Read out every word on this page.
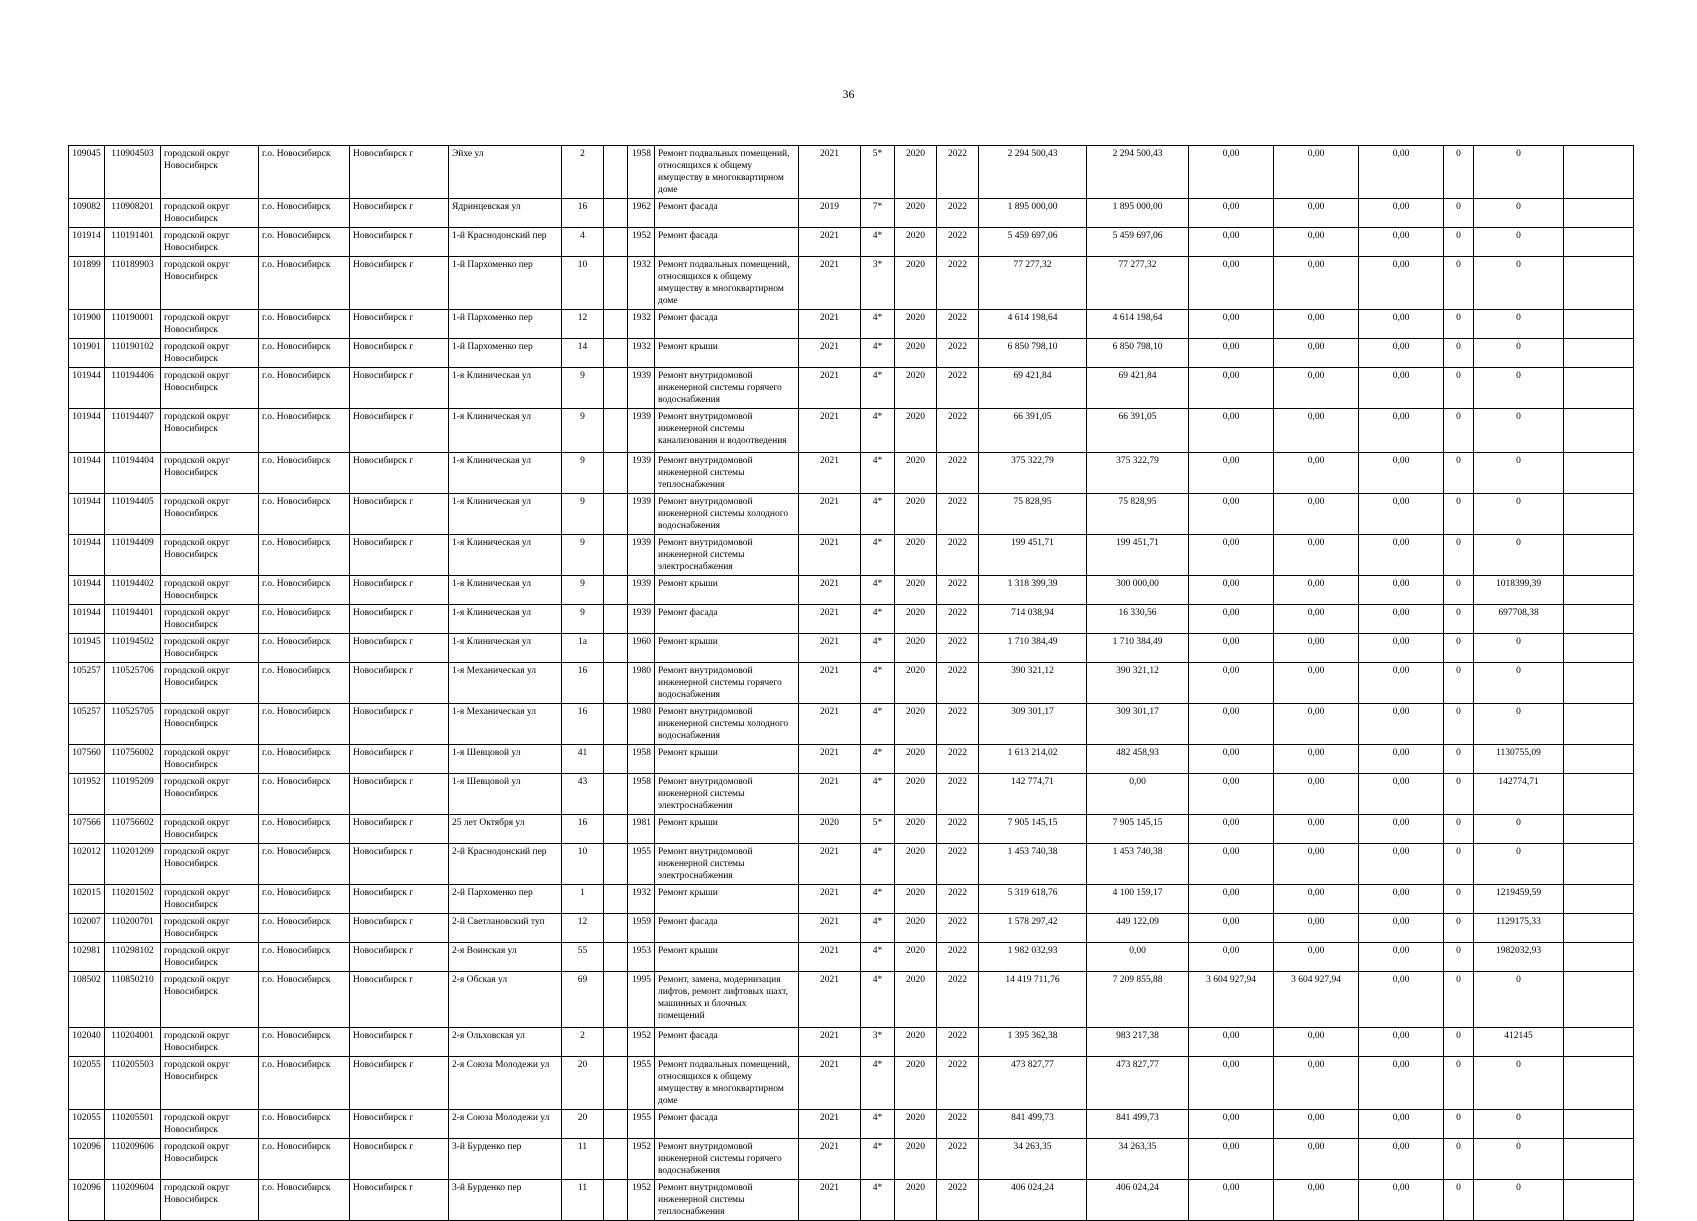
36
109045	110904503	городской округ Новосибирск	г.о. Новосибирск	Новосибирск г	Эйхе ул	2		1958	Ремонт подвальных помещений, относящихся к общему имуществу в многоквартирном доме	2021	5*	2020	2022	2 294 500,43	2 294 500,43	0,00	0,00	0,00	0	0	
109082	110908201	городской округ Новосибирск	г.о. Новосибирск	Новосибирск г	Ядринцевская ул	16		1962	Ремонт фасада	2019	7*	2020	2022	1 895 000,00	1 895 000,00	0,00	0,00	0,00	0	0	
101914	110191401	городской округ Новосибирск	г.о. Новосибирск	Новосибирск г	1-й Краснодонский пер	4		1952	Ремонт фасада	2021	4*	2020	2022	5 459 697,06	5 459 697,06	0,00	0,00	0,00	0	0	
101899	110189903	городской округ Новосибирск	г.о. Новосибирск	Новосибирск г	1-й Пархоменко пер	10		1932	Ремонт подвальных помещений, относящихся к общему имуществу в многоквартирном доме	2021	3*	2020	2022	77 277,32	77 277,32	0,00	0,00	0,00	0	0	
101900	110190001	городской округ Новосибирск	г.о. Новосибирск	Новосибирск г	1-й Пархоменко пер	12		1932	Ремонт фасада	2021	4*	2020	2022	4 614 198,64	4 614 198,64	0,00	0,00	0,00	0	0	
101901	110190102	городской округ Новосибирск	г.о. Новосибирск	Новосибирск г	1-й Пархоменко пер	14		1932	Ремонт крыши	2021	4*	2020	2022	6 850 798,10	6 850 798,10	0,00	0,00	0,00	0	0	
101944	110194406	городской округ Новосибирск	г.о. Новосибирск	Новосибирск г	1-я Клиническая ул	9		1939	Ремонт внутридомовой инженерной системы горячего водоснабжения	2021	4*	2020	2022	69 421,84	69 421,84	0,00	0,00	0,00	0	0	
101944	110194407	городской округ Новосибирск	г.о. Новосибирск	Новосибирск г	1-я Клиническая ул	9		1939	Ремонт внутридомовой инженерной системы канализования и водоотведения	2021	4*	2020	2022	66 391,05	66 391,05	0,00	0,00	0,00	0	0	
101944	110194404	городской округ Новосибирск	г.о. Новосибирск	Новосибирск г	1-я Клиническая ул	9		1939	Ремонт внутридомовой инженерной системы теплоснабжения	2021	4*	2020	2022	375 322,79	375 322,79	0,00	0,00	0,00	0	0	
101944	110194405	городской округ Новосибирск	г.о. Новосибирск	Новосибирск г	1-я Клиническая ул	9		1939	Ремонт внутридомовой инженерной системы холодного водоснабжения	2021	4*	2020	2022	75 828,95	75 828,95	0,00	0,00	0,00	0	0	
101944	110194409	городской округ Новосибирск	г.о. Новосибирск	Новосибирск г	1-я Клиническая ул	9		1939	Ремонт внутридомовой инженерной системы электроснабжения	2021	4*	2020	2022	199 451,71	199 451,71	0,00	0,00	0,00	0	0	
101944	110194402	городской округ Новосибирск	г.о. Новосибирск	Новосибирск г	1-я Клиническая ул	9		1939	Ремонт крыши	2021	4*	2020	2022	1 318 399,39	300 000,00	0,00	0,00	0,00	0	1018399,39	
101944	110194401	городской округ Новосибирск	г.о. Новосибирск	Новосибирск г	1-я Клиническая ул	9		1939	Ремонт фасада	2021	4*	2020	2022	714 038,94	16 330,56	0,00	0,00	0,00	0	697708,38	
101945	110194502	городской округ Новосибирск	г.о. Новосибирск	Новосибирск г	1-я Клиническая ул	1а		1960	Ремонт крыши	2021	4*	2020	2022	1 710 384,49	1 710 384,49	0,00	0,00	0,00	0	0	
105257	110525706	городской округ Новосибирск	г.о. Новосибирск	Новосибирск г	1-я Механическая ул	16		1980	Ремонт внутридомовой инженерной системы горячего водоснабжения	2021	4*	2020	2022	390 321,12	390 321,12	0,00	0,00	0,00	0	0	
105257	110525705	городской округ Новосибирск	г.о. Новосибирск	Новосибирск г	1-я Механическая ул	16		1980	Ремонт внутридомовой инженерной системы холодного водоснабжения	2021	4*	2020	2022	309 301,17	309 301,17	0,00	0,00	0,00	0	0	
107560	110756002	городской округ Новосибирск	г.о. Новосибирск	Новосибирск г	1-я Шевцовой ул	41		1958	Ремонт крыши	2021	4*	2020	2022	1 613 214,02	482 458,93	0,00	0,00	0,00	0	1130755,09	
101952	110195209	городской округ Новосибирск	г.о. Новосибирск	Новосибирск г	1-я Шевцовой ул	43		1958	Ремонт внутридомовой инженерной системы электроснабжения	2021	4*	2020	2022	142 774,71	0,00	0,00	0,00	0,00	0	142774,71	
107566	110756602	городской округ Новосибирск	г.о. Новосибирск	Новосибирск г	25 лет Октября ул	16		1981	Ремонт крыши	2020	5*	2020	2022	7 905 145,15	7 905 145,15	0,00	0,00	0,00	0	0	
102012	110201209	городской округ Новосибирск	г.о. Новосибирск	Новосибирск г	2-й Краснодонский пер	10		1955	Ремонт внутридомовой инженерной системы электроснабжения	2021	4*	2020	2022	1 453 740,38	1 453 740,38	0,00	0,00	0,00	0	0	
102015	110201502	городской округ Новосибирск	г.о. Новосибирск	Новосибирск г	2-й Пархоменко пер	1		1932	Ремонт крыши	2021	4*	2020	2022	5 319 618,76	4 100 159,17	0,00	0,00	0,00	0	1219459,59	
102007	110200701	городской округ Новосибирск	г.о. Новосибирск	Новосибирск г	2-й Светлановский туп	12		1959	Ремонт фасада	2021	4*	2020	2022	1 578 297,42	449 122,09	0,00	0,00	0,00	0	1129175,33	
102981	110298102	городской округ Новосибирск	г.о. Новосибирск	Новосибирск г	2-я Воинская ул	55		1953	Ремонт крыши	2021	4*	2020	2022	1 982 032,93	0,00	0,00	0,00	0,00	0	1982032,93	
108502	110850210	городской округ Новосибирск	г.о. Новосибирск	Новосибирск г	2-я Обская ул	69		1995	Ремонт, замена, модернизация лифтов, ремонт лифтовых шахт, машинных и блочных помещений	2021	4*	2020	2022	14 419 711,76	7 209 855,88	3 604 927,94	3 604 927,94	0,00	0	0	
102040	110204001	городской округ Новосибирск	г.о. Новосибирск	Новосибирск г	2-я Ольховская ул	2		1952	Ремонт фасада	2021	3*	2020	2022	1 395 362,38	983 217,38	0,00	0,00	0,00	0	412145	
102055	110205503	городской округ Новосибирск	г.о. Новосибирск	Новосибирск г	2-я Союза Молодежи ул	20		1955	Ремонт подвальных помещений, относящихся к общему имуществу в многоквартирном доме	2021	4*	2020	2022	473 827,77	473 827,77	0,00	0,00	0,00	0	0	
102055	110205501	городской округ Новосибирск	г.о. Новосибирск	Новосибирск г	2-я Союза Молодежи ул	20		1955	Ремонт фасада	2021	4*	2020	2022	841 499,73	841 499,73	0,00	0,00	0,00	0	0	
102096	110209606	городской округ Новосибирск	г.о. Новосибирск	Новосибирск г	3-й Бурденко пер	11		1952	Ремонт внутридомовой инженерной системы горячего водоснабжения	2021	4*	2020	2022	34 263,35	34 263,35	0,00	0,00	0,00	0	0	
102096	110209604	городской округ Новосибирск	г.о. Новосибирск	Новосибирск г	3-й Бурденко пер	11		1952	Ремонт внутридомовой инженерной системы теплоснабжения	2021	4*	2020	2022	406 024,24	406 024,24	0,00	0,00	0,00	0	0	
